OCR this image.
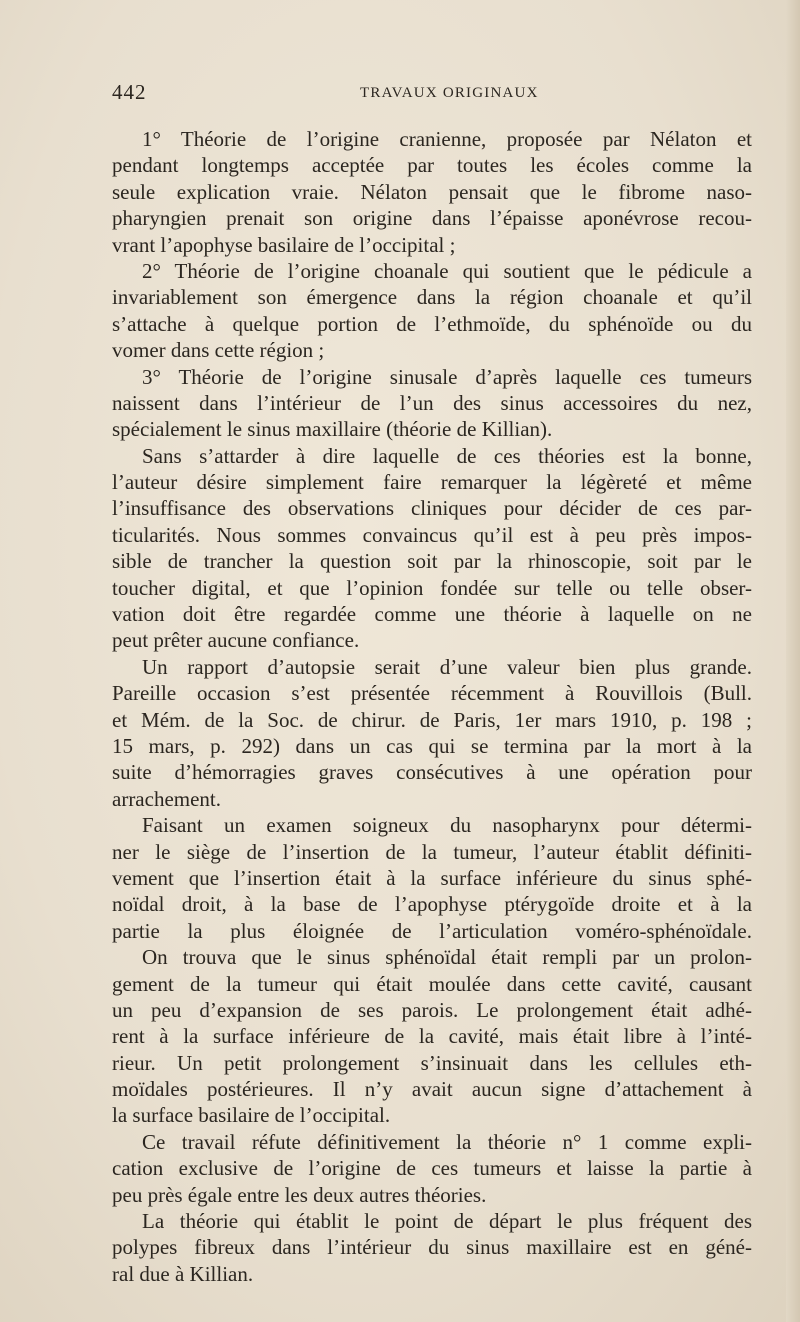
442	TRAVAUX ORIGINAUX
1° Théorie de l’origine cranienne, proposée par Nélaton et
pendant longtemps acceptée par toutes les écoles comme la
seule explication vraie. Nélaton pensait que le fibrome naso-
pharyngien prenait son origine dans l’épaisse aponévrose recou-
vrant l’apophyse basilaire de l’occipital ;
2° Théorie de l’origine choanale qui soutient que le pédicule a
invariablement son émergence dans la région choanale et qu’il
s’attache à quelque portion de l’ethmoïde, du sphénoïde ou du
vomer dans cette région ;
3° Théorie de l’origine sinusale d’après laquelle ces tumeurs
naissent dans l’intérieur de l’un des sinus accessoires du nez,
spécialement le sinus maxillaire (théorie de Killian).
Sans s’attarder à dire laquelle de ces théories est la bonne,
l’auteur désire simplement faire remarquer la légèreté et même
l’insuffisance des observations cliniques pour décider de ces par-
ticularités. Nous sommes convaincus qu’il est à peu près impos-
sible de trancher la question soit par la rhinoscopie, soit par le
toucher digital, et que l’opinion fondée sur telle ou telle obser-
vation doit être regardée comme une théorie à laquelle on ne
peut prêter aucune confiance.
Un rapport d’autopsie serait d’une valeur bien plus grande.
Pareille occasion s’est présentée récemment à Rouvillois (Bull.
et Mém. de la Soc. de chirur. de Paris, 1er mars 1910, p. 198 ;
15 mars, p. 292) dans un cas qui se termina par la mort à la
suite d’hémorragies graves consécutives à une opération pour
arrachement.
Faisant un examen soigneux du nasopharynx pour détermi-
ner le siège de l’insertion de la tumeur, l’auteur établit définiti-
vement que l’insertion était à la surface inférieure du sinus sphé-
noïdal droit, à la base de l’apophyse ptérygoïde droite et à la
partie la plus éloignée de l’articulation voméro-sphénoïdale.
On trouva que le sinus sphénoïdal était rempli par un prolon-
gement de la tumeur qui était moulée dans cette cavité, causant
un peu d’expansion de ses parois. Le prolongement était adhé-
rent à la surface inférieure de la cavité, mais était libre à l’inté-
rieur. Un petit prolongement s’insinuait dans les cellules eth-
moïdales postérieures. Il n’y avait aucun signe d’attachement à
la surface basilaire de l’occipital.
Ce travail réfute définitivement la théorie n° 1 comme expli-
cation exclusive de l’origine de ces tumeurs et laisse la partie à
peu près égale entre les deux autres théories.
La théorie qui établit le point de départ le plus fréquent des
polypes fibreux dans l’intérieur du sinus maxillaire est en géné-
ral due à Killian.
